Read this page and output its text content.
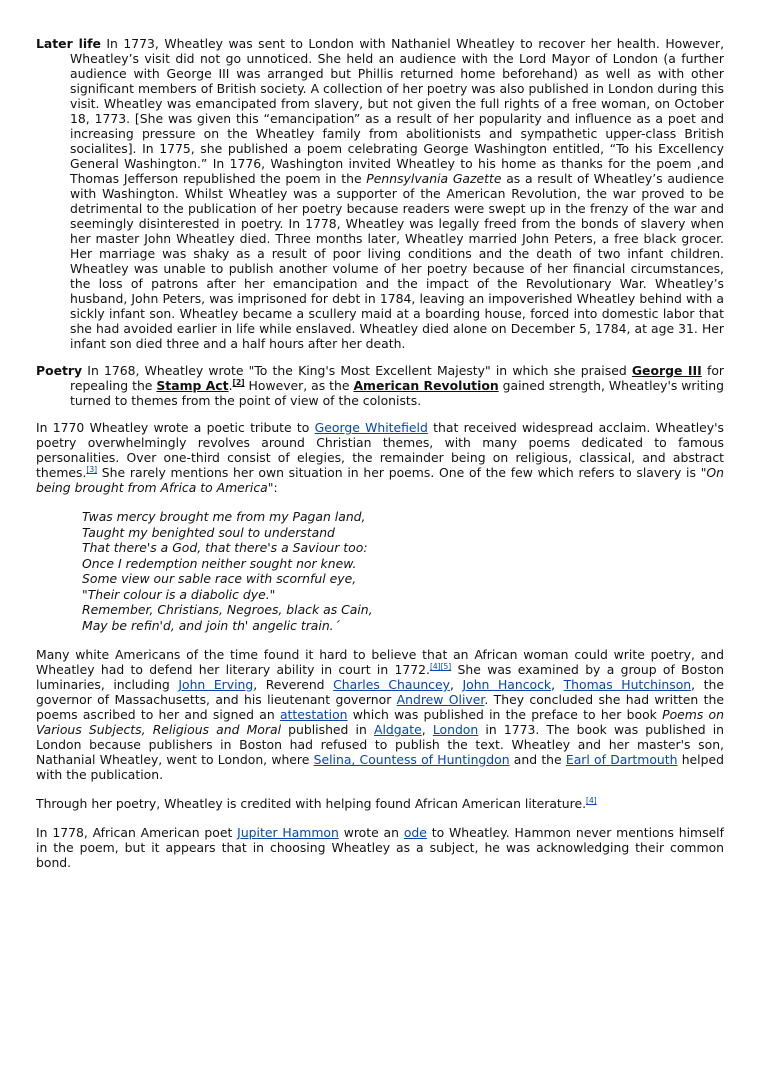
Later life In 1773, Wheatley was sent to London with Nathaniel Wheatley to recover her health. However, Wheatley’s visit did not go unnoticed. She held an audience with the Lord Mayor of London (a further audience with George III was arranged but Phillis returned home beforehand) as well as with other significant members of British society. A collection of her poetry was also published in London during this visit. Wheatley was emancipated from slavery, but not given the full rights of a free woman, on October 18, 1773. [She was given this “emancipation” as a result of her popularity and influence as a poet and increasing pressure on the Wheatley family from abolitionists and sympathetic upper-class British socialites]. In 1775, she published a poem celebrating George Washington entitled, “To his Excellency General Washington.” In 1776, Washington invited Wheatley to his home as thanks for the poem ,and Thomas Jefferson republished the poem in the Pennsylvania Gazette as a result of Wheatley’s audience with Washington. Whilst Wheatley was a supporter of the American Revolution, the war proved to be detrimental to the publication of her poetry because readers were swept up in the frenzy of the war and seemingly disinterested in poetry. In 1778, Wheatley was legally freed from the bonds of slavery when her master John Wheatley died. Three months later, Wheatley married John Peters, a free black grocer. Her marriage was shaky as a result of poor living conditions and the death of two infant children. Wheatley was unable to publish another volume of her poetry because of her financial circumstances, the loss of patrons after her emancipation and the impact of the Revolutionary War. Wheatley’s husband, John Peters, was imprisoned for debt in 1784, leaving an impoverished Wheatley behind with a sickly infant son. Wheatley became a scullery maid at a boarding house, forced into domestic labor that she had avoided earlier in life while enslaved. Wheatley died alone on December 5, 1784, at age 31. Her infant son died three and a half hours after her death.

Poetry In 1768, Wheatley wrote "To the King's Most Excellent Majesty" in which she praised George III for repealing the Stamp Act.[2] However, as the American Revolution gained strength, Wheatley's writing turned to themes from the point of view of the colonists.

In 1770 Wheatley wrote a poetic tribute to George Whitefield that received widespread acclaim. Wheatley's poetry overwhelmingly revolves around Christian themes, with many poems dedicated to famous personalities. Over one-third consist of elegies, the remainder being on religious, classical, and abstract themes.[3] She rarely mentions her own situation in her poems. One of the few which refers to slavery is "On being brought from Africa to America":

Twas mercy brought me from my Pagan land,
Taught my benighted soul to understand
That there's a God, that there's a Saviour too:
Once I redemption neither sought nor knew.
Some view our sable race with scornful eye,
"Their colour is a diabolic dye."
Remember, Christians, Negroes, black as Cain,
May be refin'd, and join th' angelic train.´

Many white Americans of the time found it hard to believe that an African woman could write poetry, and Wheatley had to defend her literary ability in court in 1772.[4][5] She was examined by a group of Boston luminaries, including John Erving, Reverend Charles Chauncey, John Hancock, Thomas Hutchinson, the governor of Massachusetts, and his lieutenant governor Andrew Oliver. They concluded she had written the poems ascribed to her and signed an attestation which was published in the preface to her book Poems on Various Subjects, Religious and Moral published in Aldgate, London in 1773. The book was published in London because publishers in Boston had refused to publish the text. Wheatley and her master's son, Nathanial Wheatley, went to London, where Selina, Countess of Huntingdon and the Earl of Dartmouth helped with the publication.

Through her poetry, Wheatley is credited with helping found African American literature.[4]

In 1778, African American poet Jupiter Hammon wrote an ode to Wheatley. Hammon never mentions himself in the poem, but it appears that in choosing Wheatley as a subject, he was acknowledging their common bond.
